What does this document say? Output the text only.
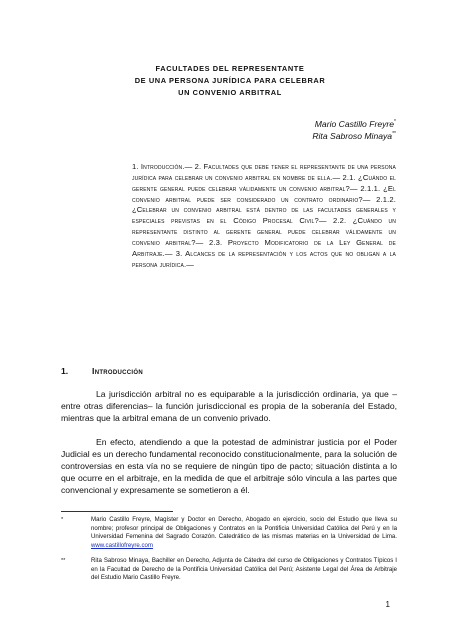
FACULTADES DEL REPRESENTANTE

DE UNA PERSONA JURÍDICA PARA CELEBRAR

UN CONVENIO ARBITRAL

Mario Castillo Freyre*

Rita Sabroso Minaya**

1. Introducción.— 2. Facultades que debe tener el representante de una persona jurídica para celebrar un convenio arbitral en nombre de ella.— 2.1. ¿Cuándo el gerente general puede celebrar válidamente un convenio arbitral?— 2.1.1. ¿El convenio arbitral puede ser considerado un contrato ordinario?— 2.1.2. ¿Celebrar un convenio arbitral está dentro de las facultades generales y especiales previstas en el Código Procesal Civil?— 2.2. ¿Cuándo un representante distinto al gerente general puede celebrar válidamente un convenio arbitral?— 2.3. Proyecto Modificatorio de la Ley General de Arbitraje.— 3. Alcances de la representación y los actos que no obligan a la persona jurídica.—

1.	Introducción

La jurisdicción arbitral no es equiparable a la jurisdicción ordinaria, ya que –entre otras diferencias– la función jurisdiccional es propia de la soberanía del Estado, mientras que la arbitral emana de un convenio privado.

En efecto, atendiendo a que la potestad de administrar justicia por el Poder Judicial es un derecho fundamental reconocido constitucionalmente, para la solución de controversias en esta vía no se requiere de ningún tipo de pacto; situación distinta a lo que ocurre en el arbitraje, en la medida de que el arbitraje sólo vincula a las partes que convencional y expresamente se sometieron a él.

*	Mario Castillo Freyre, Magíster y Doctor en Derecho, Abogado en ejercicio, socio del Estudio que lleva su nombre; profesor principal de Obligaciones y Contratos en la Pontificia Universidad Católica del Perú y en la Universidad Femenina del Sagrado Corazón. Catedrático de las mismas materias en la Universidad de Lima. www.castillofreyre.com
**	Rita Sabroso Minaya, Bachiller en Derecho, Adjunta de Cátedra del curso de Obligaciones y Contratos Típicos I en la Facultad de Derecho de la Pontificia Universidad Católica del Perú; Asistente Legal del Área de Arbitraje del Estudio Mario Castillo Freyre.

1
